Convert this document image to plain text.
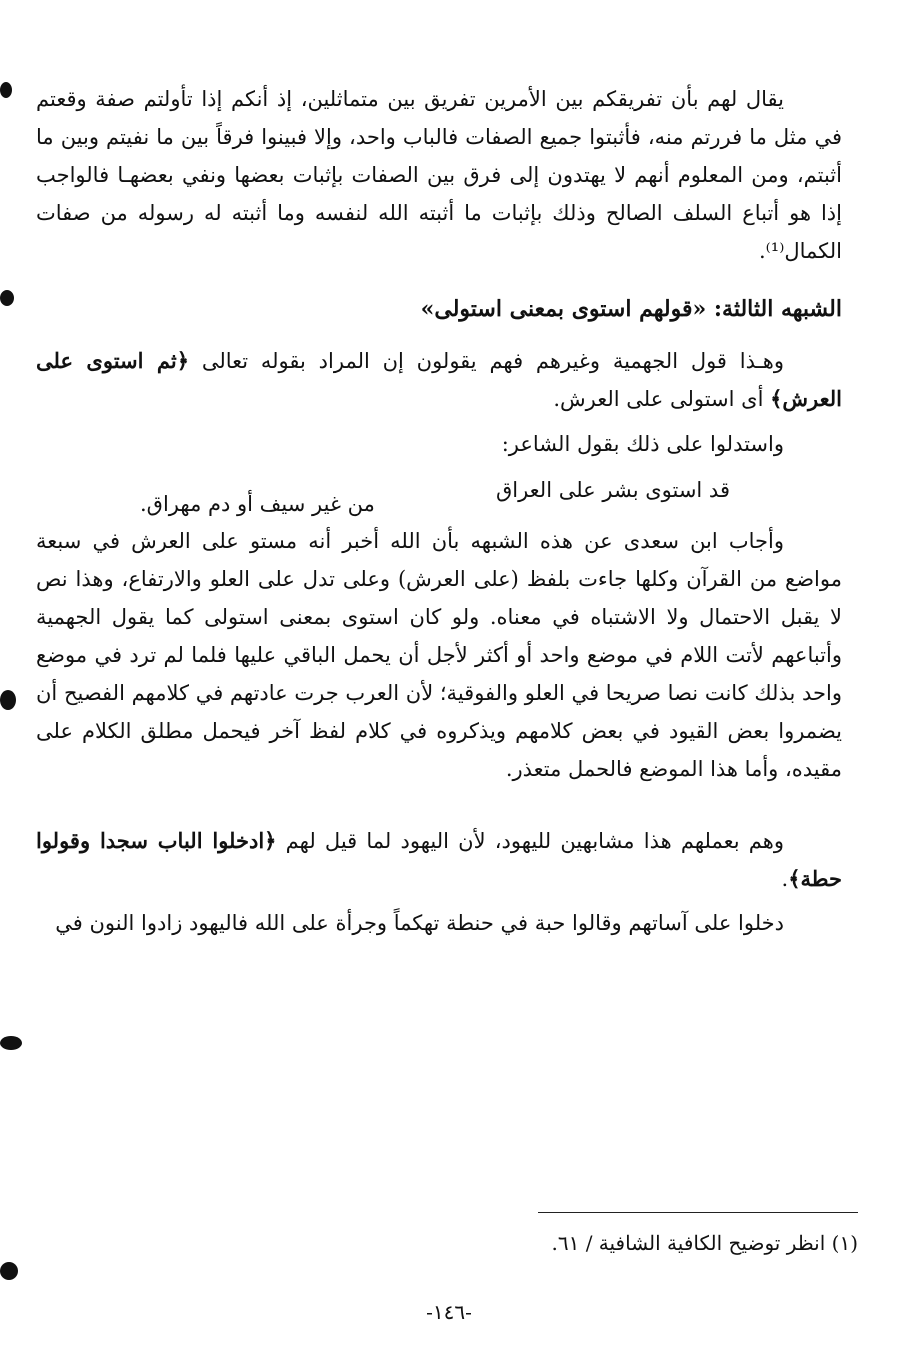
يقال لهم بأن تفريقكم بين الأمرين تفريق بين متماثلين، إذ أنكم إذا تأولتم صفة وقعتم في مثل ما فررتم منه، فأثبتوا جميع الصفات فالباب واحد، وإلا فبينوا فرقاً بين ما نفيتم وبين ما أثبتم، ومن المعلوم أنهم لا يهتدون إلى فرق بين الصفات بإثبات بعضها ونفي بعضهـا فالواجب إذا هو أتباع السلف الصالح وذلك بإثبات ما أثبته الله لنفسه وما أثبته له رسوله من صفات الكمال⁽¹⁾.

الشبهه الثالثة: «قولهم استوى بمعنى استولى»

وهـذا قول الجهمية وغيرهم فهم يقولون إن المراد بقوله تعالى ﴿ثم استوى على العرش﴾ أى استولى على العرش.

واستدلوا على ذلك بقول الشاعر:

قد استوى بشر على العراق
من غير سيف أو دم مهراق.

وأجاب ابن سعدى عن هذه الشبهه بأن الله أخبر أنه مستو على العرش في سبعة مواضع من القرآن وكلها جاءت بلفظ (على العرش) وعلى تدل على العلو والارتفاع، وهذا نص لا يقبل الاحتمال ولا الاشتباه في معناه. ولو كان استوى بمعنى استولى كما يقول الجهمية وأتباعهم لأتت اللام في موضع واحد أو أكثر لأجل أن يحمل الباقي عليها فلما لم ترد في موضع واحد بذلك كانت نصا صريحا في العلو والفوقية؛ لأن العرب جرت عادتهم في كلامهم الفصيح أن يضمروا بعض القيود في بعض كلامهم ويذكروه في كلام لفظ آخر فيحمل مطلق الكلام على مقيده، وأما هذا الموضع فالحمل متعذر.

وهم بعملهم هذا مشابهين لليهود، لأن اليهود لما قيل لهم ﴿ادخلوا الباب سجدا وقولوا حطة﴾.

دخلوا على آساتهم وقالوا حبة في حنطة تهكماً وجرأة على الله فاليهود زادوا النون في

(١) انظر توضيح الكافية الشافية / ٦١.
-١٤٦-
